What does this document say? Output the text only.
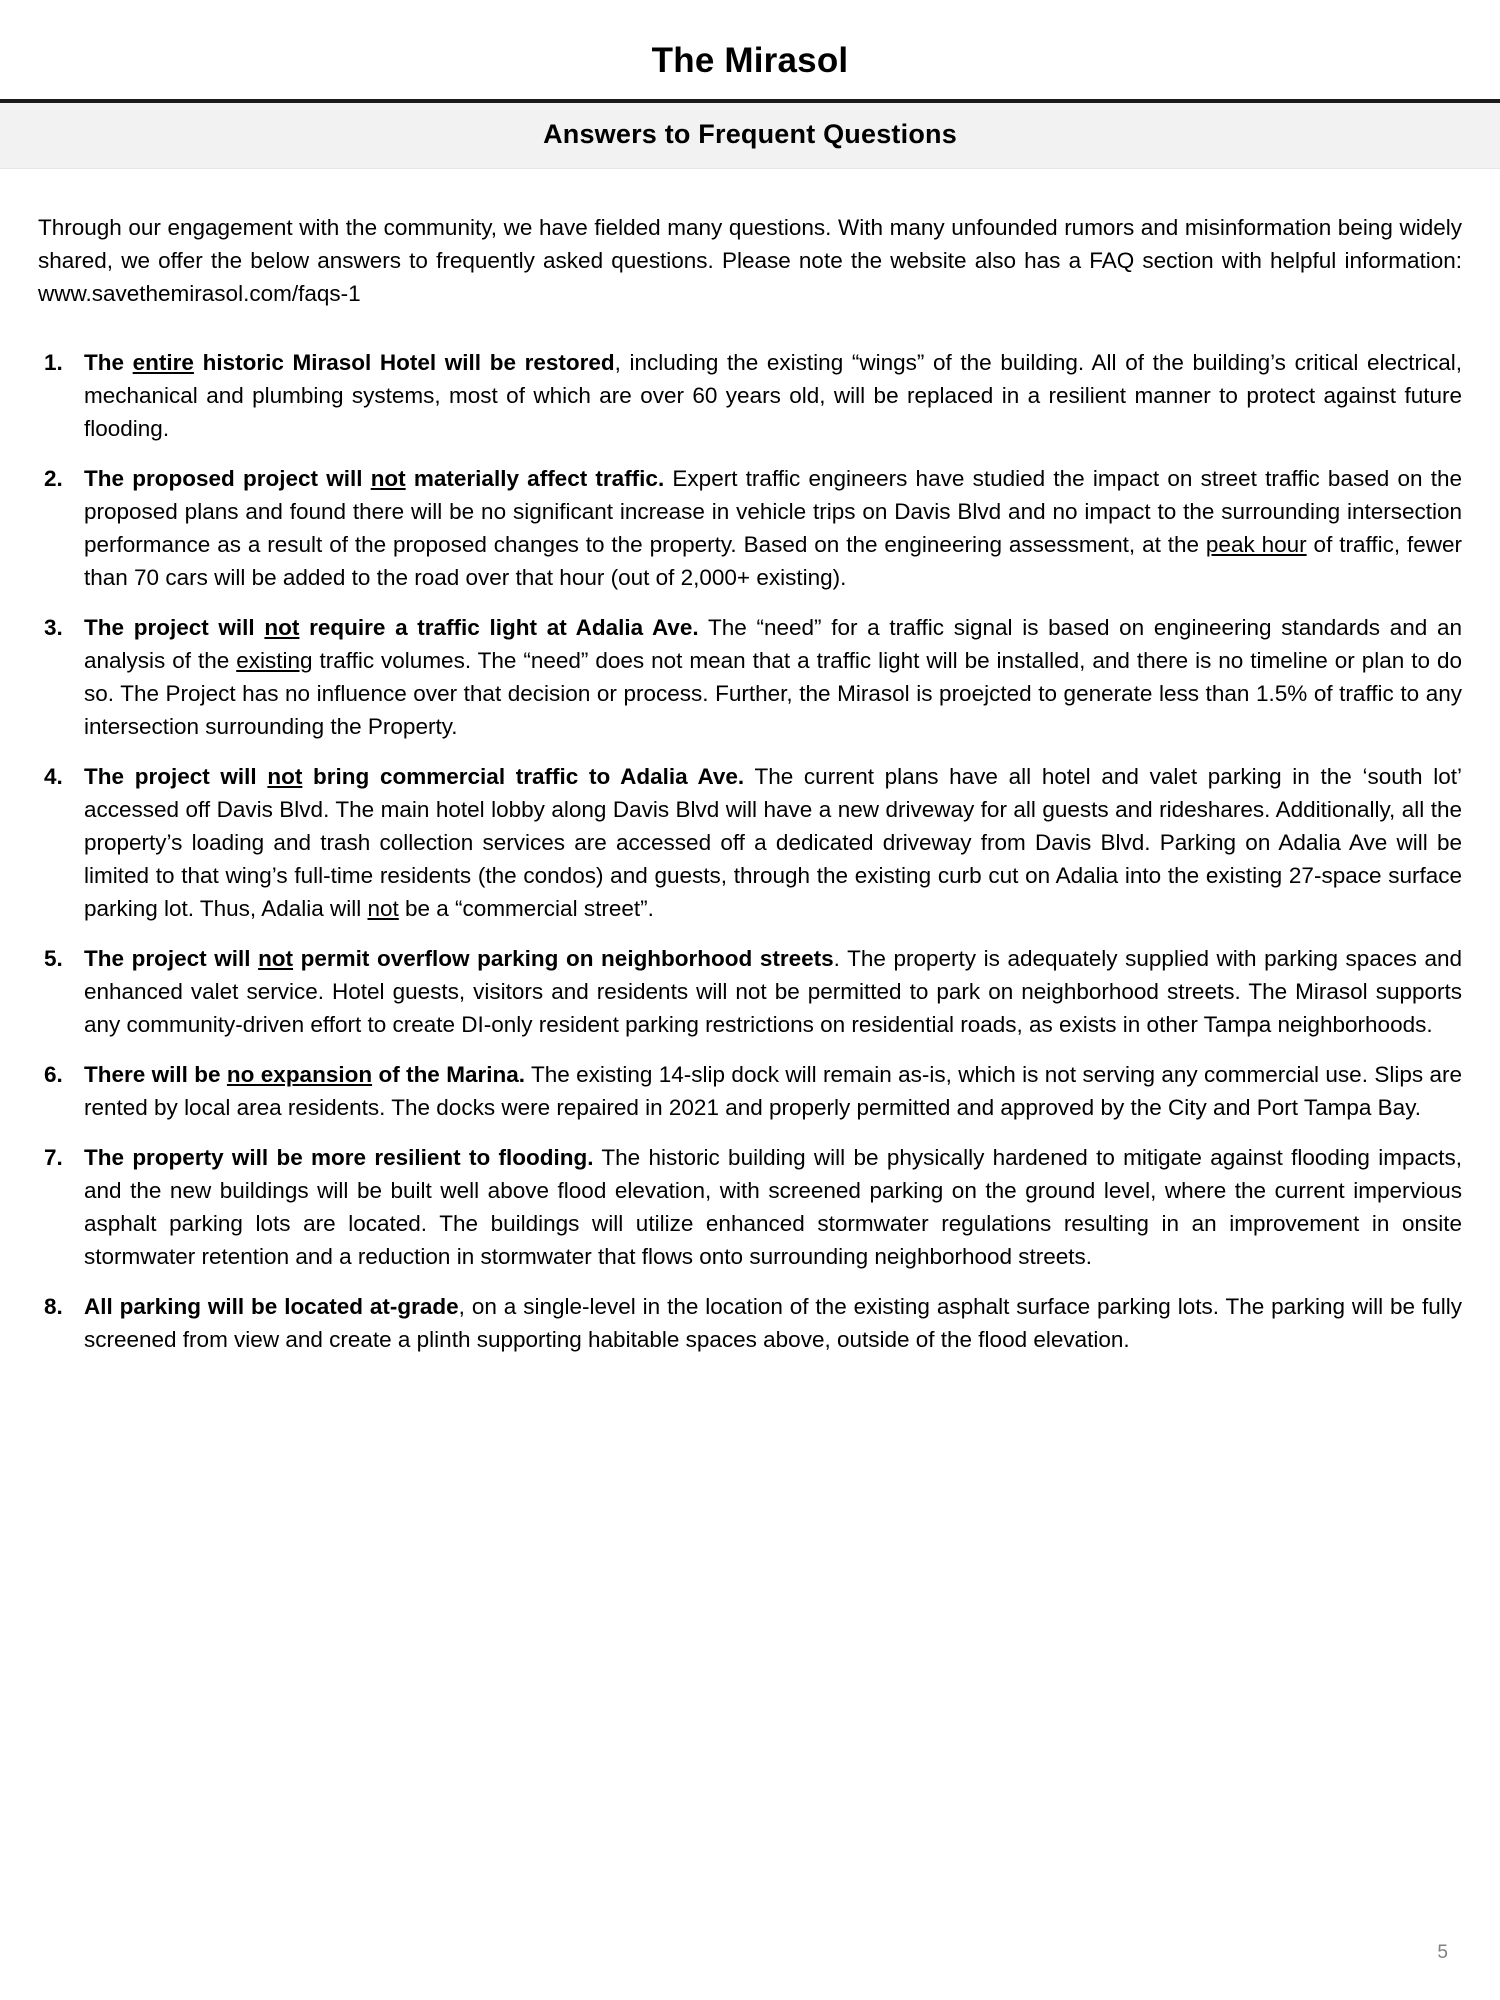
The Mirasol
Answers to Frequent Questions
Through our engagement with the community, we have fielded many questions. With many unfounded rumors and misinformation being widely shared, we offer the below answers to frequently asked questions. Please note the website also has a FAQ section with helpful information: www.savethemirasol.com/faqs-1
1. The entire historic Mirasol Hotel will be restored, including the existing “wings” of the building. All of the building’s critical electrical, mechanical and plumbing systems, most of which are over 60 years old, will be replaced in a resilient manner to protect against future flooding.
2. The proposed project will not materially affect traffic. Expert traffic engineers have studied the impact on street traffic based on the proposed plans and found there will be no significant increase in vehicle trips on Davis Blvd and no impact to the surrounding intersection performance as a result of the proposed changes to the property. Based on the engineering assessment, at the peak hour of traffic, fewer than 70 cars will be added to the road over that hour (out of 2,000+ existing).
3. The project will not require a traffic light at Adalia Ave. The “need” for a traffic signal is based on engineering standards and an analysis of the existing traffic volumes. The “need” does not mean that a traffic light will be installed, and there is no timeline or plan to do so. The Project has no influence over that decision or process. Further, the Mirasol is proejcted to generate less than 1.5% of traffic to any intersection surrounding the Property.
4. The project will not bring commercial traffic to Adalia Ave. The current plans have all hotel and valet parking in the ‘south lot’ accessed off Davis Blvd. The main hotel lobby along Davis Blvd will have a new driveway for all guests and rideshares. Additionally, all the property’s loading and trash collection services are accessed off a dedicated driveway from Davis Blvd. Parking on Adalia Ave will be limited to that wing’s full-time residents (the condos) and guests, through the existing curb cut on Adalia into the existing 27-space surface parking lot. Thus, Adalia will not be a “commercial street”.
5. The project will not permit overflow parking on neighborhood streets. The property is adequately supplied with parking spaces and enhanced valet service. Hotel guests, visitors and residents will not be permitted to park on neighborhood streets. The Mirasol supports any community-driven effort to create DI-only resident parking restrictions on residential roads, as exists in other Tampa neighborhoods.
6. There will be no expansion of the Marina. The existing 14-slip dock will remain as-is, which is not serving any commercial use. Slips are rented by local area residents. The docks were repaired in 2021 and properly permitted and approved by the City and Port Tampa Bay.
7. The property will be more resilient to flooding. The historic building will be physically hardened to mitigate against flooding impacts, and the new buildings will be built well above flood elevation, with screened parking on the ground level, where the current impervious asphalt parking lots are located. The buildings will utilize enhanced stormwater regulations resulting in an improvement in onsite stormwater retention and a reduction in stormwater that flows onto surrounding neighborhood streets.
8. All parking will be located at-grade, on a single-level in the location of the existing asphalt surface parking lots. The parking will be fully screened from view and create a plinth supporting habitable spaces above, outside of the flood elevation.
5
